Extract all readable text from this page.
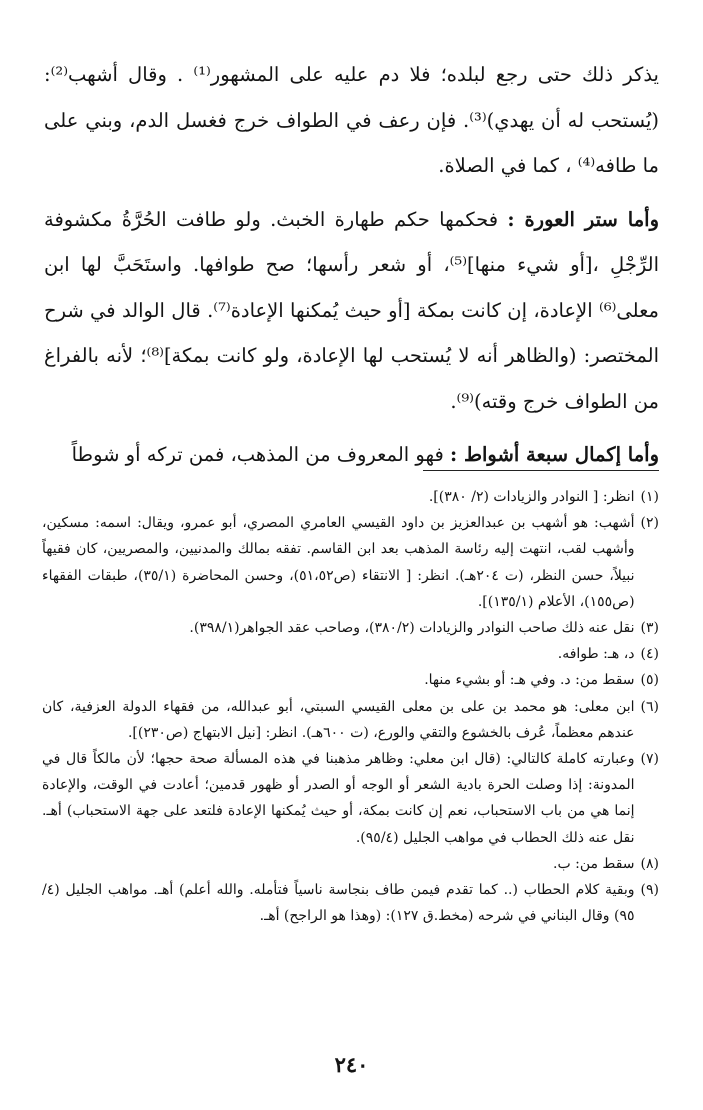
يذكر ذلك حتى رجع لبلده؛ فلا دم عليه على المشهور⁽¹⁾ . وقال أشهب⁽²⁾: (يُستحب له أن يهدي)⁽³⁾. فإن رعف في الطواف خرج فغسل الدم، وبني على ما طافه⁽⁴⁾ ، كما في الصلاة.

وأما ستر العورة : فحكمها حكم طهارة الخبث. ولو طافت الحُرَّةُ مكشوفة الرِّجْلِ ،[أو شيء منها]⁽⁵⁾، أو شعر رأسها؛ صح طوافها. واستَحَبَّ لها ابن معلى⁽⁶⁾ الإعادة، إن كانت بمكة [أو حيث يُمكنها الإعادة⁽⁷⁾. قال الوالد في شرح المختصر: (والظاهر أنه لا يُستحب لها الإعادة، ولو كانت بمكة]⁽⁸⁾؛ لأنه بالفراغ من الطواف خرج وقته)⁽⁹⁾.

وأما إكمال سبعة أشواط : فهو المعروف من المذهب، فمن تركه أو شوطاً

(١)
انظر: [ النوادر والزيادات (٢/ ٣٨٠)].
(٢)
أشهب: هو أشهب بن عبدالعزيز بن داود القيسي العامري المصري، أبو عمرو، ويقال: اسمه: مسكين، وأشهب لقب، انتهت إليه رئاسة المذهب بعد ابن القاسم. تفقه بمالك والمدنيين، والمصريين، كان فقيهاً نبيلاً، حسن النظر، (ت ٢٠٤هـ). انظر: [ الانتقاء (ص٥١،٥٢)، وحسن المحاضرة (٣٥/١)، طبقات الفقهاء (ص١٥٥)، الأعلام (١٣٥/١)].
(٣)
نقل عنه ذلك صاحب النوادر والزيادات (٣٨٠/٢)، وصاحب عقد الجواهر(٣٩٨/١).
(٤)
د، هـ: طوافه.
(٥)
سقط من: د. وفي هـ: أو بشيء منها.
(٦)
ابن معلى: هو محمد بن على بن معلى القيسي السبتي، أبو عبدالله، من فقهاء الدولة العزفية، كان عندهم معظماً، عُرف بالخشوع والتقي والورع، (ت ٦٠٠هـ). انظر: [نيل الابتهاج (ص٢٣٠)].
(٧)
وعبارته كاملة كالتالي: (قال ابن معلي: وظاهر مذهبنا في هذه المسألة صحة حجها؛ لأن مالكاً قال في المدونة: إذا وصلت الحرة بادية الشعر أو الوجه أو الصدر أو ظهور قدمين؛ أعادت في الوقت، والإعادة إنما هي من باب الاستحباب، نعم إن كانت بمكة، أو حيث يُمكنها الإعادة فلتعد على جهة الاستحباب) أهـ. نقل عنه ذلك الحطاب في مواهب الجليل (٩٥/٤).
(٨)
سقط من: ب.
(٩)
وبقية كلام الحطاب (.. كما تقدم فيمن طاف بنجاسة ناسياً فتأمله. والله أعلم) أهـ. مواهب الجليل (٤/ ٩٥) وقال البناني في شرحه (مخط.ق ١٢٧): (وهذا هو الراجح) أهـ.
٢٤٠
